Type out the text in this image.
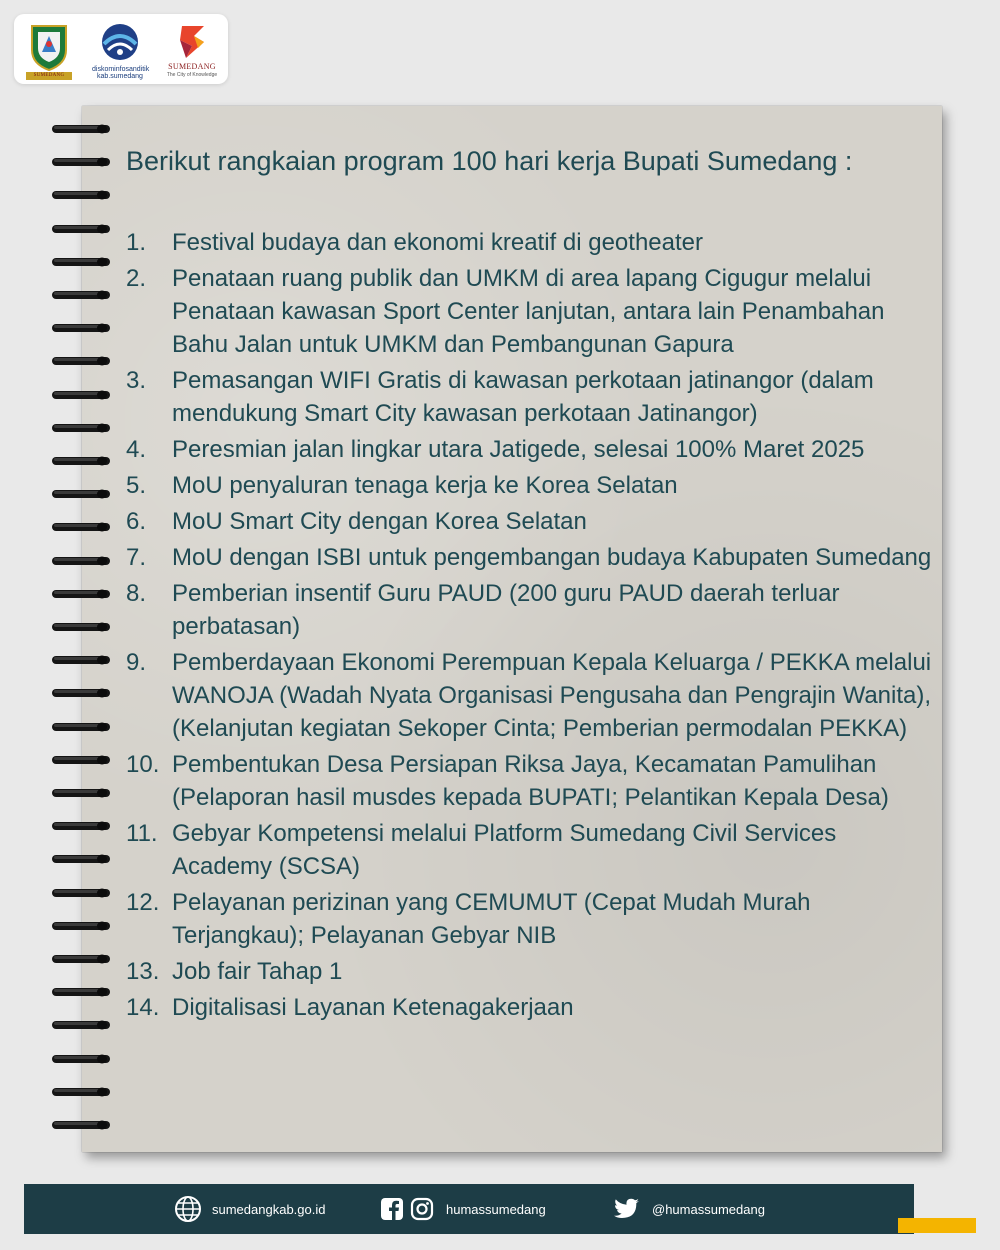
SUMEDANG
diskominfosanditik kab.sumedang
SUMEDANG
The City of Knowledge
Berikut rangkaian program 100 hari kerja Bupati Sumedang :
1.	Festival budaya dan ekonomi kreatif di geotheater
2.	Penataan ruang publik dan UMKM di area lapang Cigugur melalui Penataan kawasan Sport Center lanjutan, antara lain Penambahan Bahu Jalan untuk UMKM dan Pembangunan Gapura
3.	Pemasangan WIFI Gratis di kawasan perkotaan jatinangor (dalam mendukung Smart City kawasan perkotaan Jatinangor)
4.	Peresmian jalan lingkar utara Jatigede, selesai 100% Maret 2025
5.	MoU penyaluran tenaga kerja ke Korea Selatan
6.	MoU Smart City dengan Korea Selatan
7.	MoU dengan ISBI untuk pengembangan budaya Kabupaten Sumedang
8.	Pemberian insentif Guru PAUD (200 guru PAUD daerah terluar perbatasan)
9.	Pemberdayaan Ekonomi Perempuan Kepala Keluarga / PEKKA melalui WANOJA (Wadah Nyata Organisasi Pengusaha dan Pengrajin Wanita), (Kelanjutan kegiatan Sekoper Cinta; Pemberian permodalan PEKKA)
10. Pembentukan Desa Persiapan Riksa Jaya, Kecamatan Pamulihan (Pelaporan hasil musdes kepada BUPATI; Pelantikan Kepala Desa)
11. Gebyar Kompetensi melalui Platform Sumedang Civil Services Academy (SCSA)
12. Pelayanan perizinan yang CEMUMUT (Cepat Mudah Murah Terjangkau); Pelayanan Gebyar NIB
13. Job fair Tahap 1
14. Digitalisasi Layanan Ketenagakerjaan
sumedangkab.go.id	humassumedang	@humassumedang
